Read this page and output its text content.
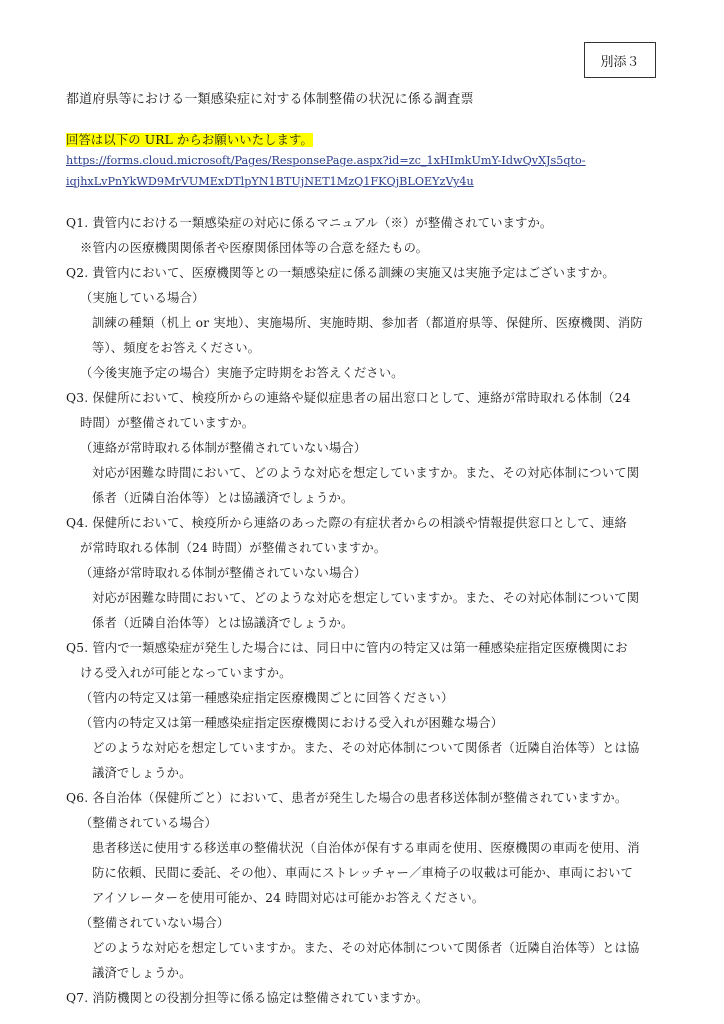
別添３
都道府県等における一類感染症に対する体制整備の状況に係る調査票
回答は以下の URL からお願いいたします。
https://forms.cloud.microsoft/Pages/ResponsePage.aspx?id=zc_1xHImkUmY-IdwQvXJs5qto-
iqjhxLvPnYkWD9MrVUMExDTlpYN1BTUjNET1MzQ1FKQjBLOEYzVy4u
Q1. 貴管内における一類感染症の対応に係るマニュアル（※）が整備されていますか。
※管内の医療機関関係者や医療関係団体等の合意を経たもの。
Q2. 貴管内において、医療機関等との一類感染症に係る訓練の実施又は実施予定はございますか。
（実施している場合）
訓練の種類（机上 or 実地）、実施場所、実施時期、参加者（都道府県等、保健所、医療機関、消防
等）、頻度をお答えください。
（今後実施予定の場合）実施予定時期をお答えください。
Q3. 保健所において、検疫所からの連絡や疑似症患者の届出窓口として、連絡が常時取れる体制（24
時間）が整備されていますか。
（連絡が常時取れる体制が整備されていない場合）
対応が困難な時間において、どのような対応を想定していますか。また、その対応体制について関
係者（近隣自治体等）とは協議済でしょうか。
Q4. 保健所において、検疫所から連絡のあった際の有症状者からの相談や情報提供窓口として、連絡
が常時取れる体制（24 時間）が整備されていますか。
（連絡が常時取れる体制が整備されていない場合）
対応が困難な時間において、どのような対応を想定していますか。また、その対応体制について関
係者（近隣自治体等）とは協議済でしょうか。
Q5. 管内で一類感染症が発生した場合には、同日中に管内の特定又は第一種感染症指定医療機関にお
ける受入れが可能となっていますか。
（管内の特定又は第一種感染症指定医療機関ごとに回答ください）
（管内の特定又は第一種感染症指定医療機関における受入れが困難な場合）
どのような対応を想定していますか。また、その対応体制について関係者（近隣自治体等）とは協
議済でしょうか。
Q6. 各自治体（保健所ごと）において、患者が発生した場合の患者移送体制が整備されていますか。
（整備されている場合）
患者移送に使用する移送車の整備状況（自治体が保有する車両を使用、医療機関の車両を使用、消
防に依頼、民間に委託、その他）、車両にストレッチャー／車椅子の収載は可能か、車両において
アイソレーターを使用可能か、24 時間対応は可能かお答えください。
（整備されていない場合）
どのような対応を想定していますか。また、その対応体制について関係者（近隣自治体等）とは協
議済でしょうか。
Q7. 消防機関との役割分担等に係る協定は整備されていますか。
